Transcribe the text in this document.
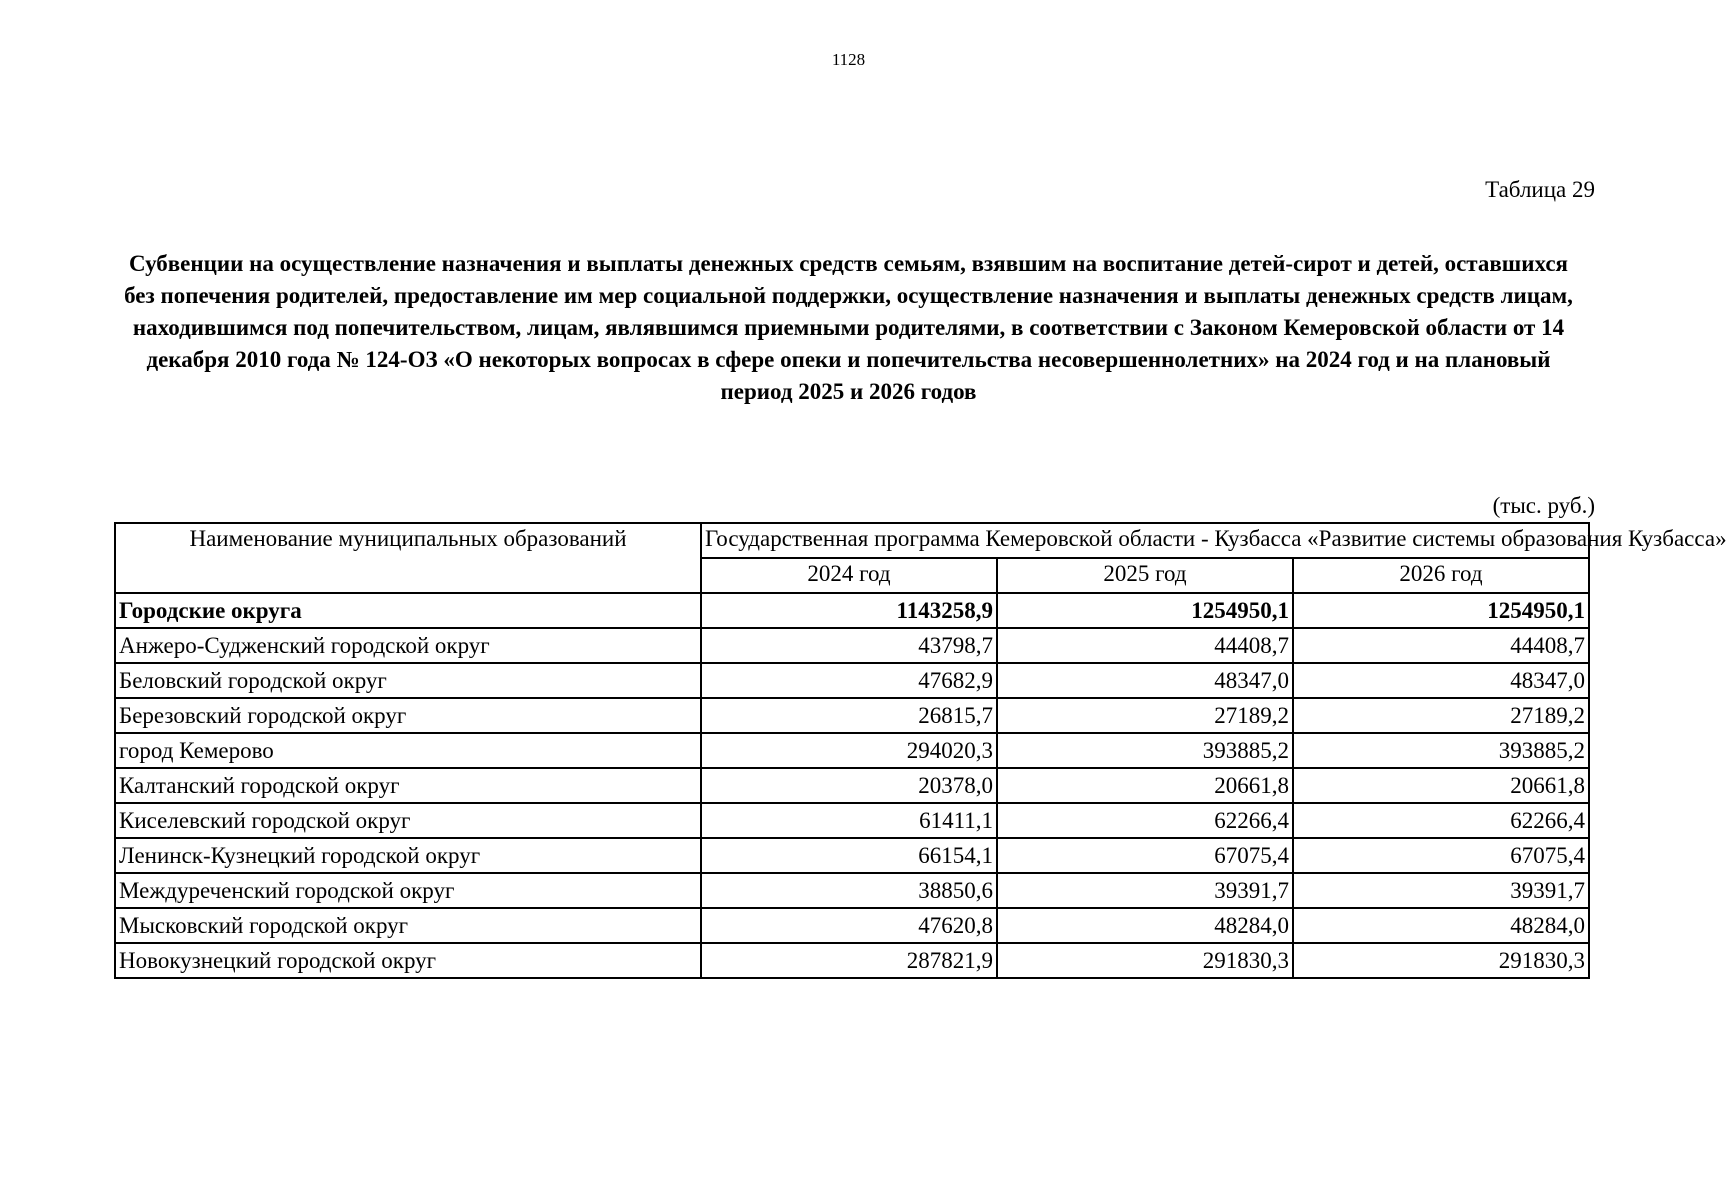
1128
Таблица 29
Субвенции на осуществление назначения и выплаты денежных средств семьям, взявшим на воспитание детей-сирот и детей, оставшихся без попечения родителей, предоставление им мер социальной поддержки, осуществление назначения и выплаты денежных средств лицам, находившимся под попечительством, лицам, являвшимся приемными родителями, в соответствии с Законом Кемеровской области от 14 декабря 2010 года № 124-ОЗ «О некоторых вопросах в сфере опеки и попечительства несовершеннолетних» на 2024 год и на плановый период 2025 и 2026 годов
(тыс. руб.)
Наименование муниципальных образований	Государственная программа Кемеровской области - Кузбасса «Развитие системы образования Кузбасса»		
	2024 год	2025 год	2026 год
Городские округа	1143258,9	1254950,1	1254950,1
Анжеро-Судженский городской округ	43798,7	44408,7	44408,7
Беловский городской округ	47682,9	48347,0	48347,0
Березовский городской округ	26815,7	27189,2	27189,2
город Кемерово	294020,3	393885,2	393885,2
Калтанский городской округ	20378,0	20661,8	20661,8
Киселевский городской округ	61411,1	62266,4	62266,4
Ленинск-Кузнецкий городской округ	66154,1	67075,4	67075,4
Междуреченский городской округ	38850,6	39391,7	39391,7
Мысковский городской округ	47620,8	48284,0	48284,0
Новокузнецкий городской округ	287821,9	291830,3	291830,3
